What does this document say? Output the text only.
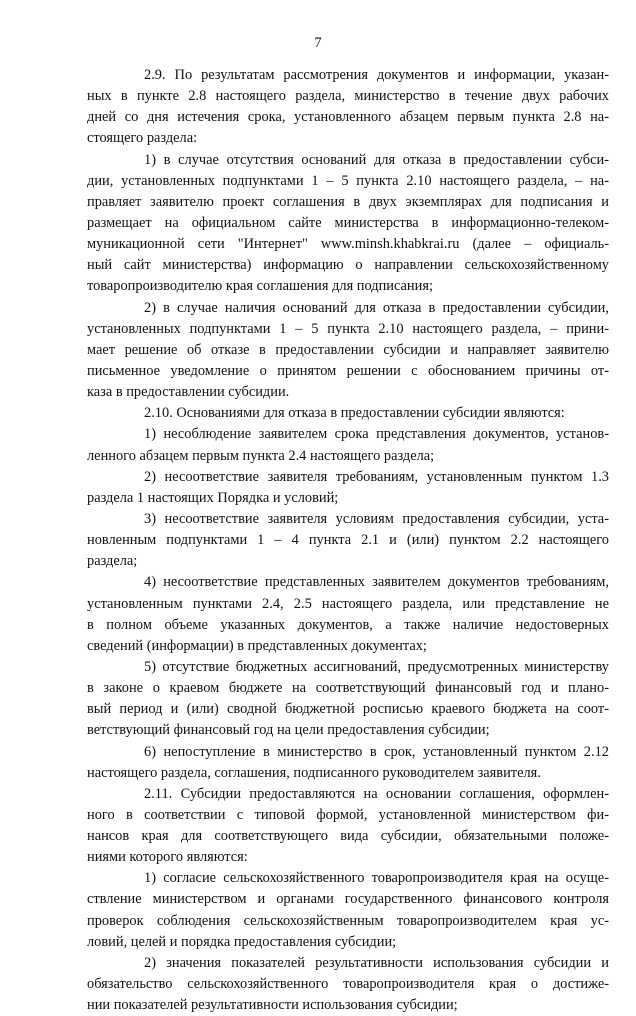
7
2.9. По результатам рассмотрения документов и информации, указан-
ных в пункте 2.8 настоящего раздела, министерство в течение двух рабочих
дней со дня истечения срока, установленного абзацем первым пункта 2.8 на-
стоящего раздела:
1) в случае отсутствия оснований для отказа в предоставлении субси-
дии, установленных подпунктами 1 – 5 пункта 2.10 настоящего раздела, – на-
правляет заявителю проект соглашения в двух экземплярах для подписания и
размещает на официальном сайте министерства в информационно-телеком-
муникационной сети "Интернет" www.minsh.khabkrai.ru (далее – официаль-
ный сайт министерства) информацию о направлении сельскохозяйственному
товаропроизводителю края соглашения для подписания;
2) в случае наличия оснований для отказа в предоставлении субсидии,
установленных подпунктами 1 – 5 пункта 2.10 настоящего раздела, – прини-
мает решение об отказе в предоставлении субсидии и направляет заявителю
письменное уведомление о принятом решении с обоснованием причины от-
каза в предоставлении субсидии.
2.10. Основаниями для отказа в предоставлении субсидии являются:
1) несоблюдение заявителем срока представления документов, установ-
ленного абзацем первым пункта 2.4 настоящего раздела;
2) несоответствие заявителя требованиям, установленным пунктом 1.3
раздела 1 настоящих Порядка и условий;
3) несоответствие заявителя условиям предоставления субсидии, уста-
новленным подпунктами 1 – 4 пункта 2.1 и (или) пунктом 2.2 настоящего
раздела;
4) несоответствие представленных заявителем документов требованиям,
установленным пунктами 2.4, 2.5 настоящего раздела, или представление не
в полном объеме указанных документов, а также наличие недостоверных
сведений (информации) в представленных документах;
5) отсутствие бюджетных ассигнований, предусмотренных министерству
в законе о краевом бюджете на соответствующий финансовый год и плано-
вый период и (или) сводной бюджетной росписью краевого бюджета на соот-
ветствующий финансовый год на цели предоставления субсидии;
6) непоступление в министерство в срок, установленный пунктом 2.12
настоящего раздела, соглашения, подписанного руководителем заявителя.
2.11. Субсидии предоставляются на основании соглашения, оформлен-
ного в соответствии с типовой формой, установленной министерством фи-
нансов края для соответствующего вида субсидии, обязательными положе-
ниями которого являются:
1) согласие сельскохозяйственного товаропроизводителя края на осуще-
ствление министерством и органами государственного финансового контроля
проверок соблюдения сельскохозяйственным товаропроизводителем края ус-
ловий, целей и порядка предоставления субсидии;
2) значения показателей результативности использования субсидии и
обязательство сельскохозяйственного товаропроизводителя края о достиже-
нии показателей результативности использования субсидии;
